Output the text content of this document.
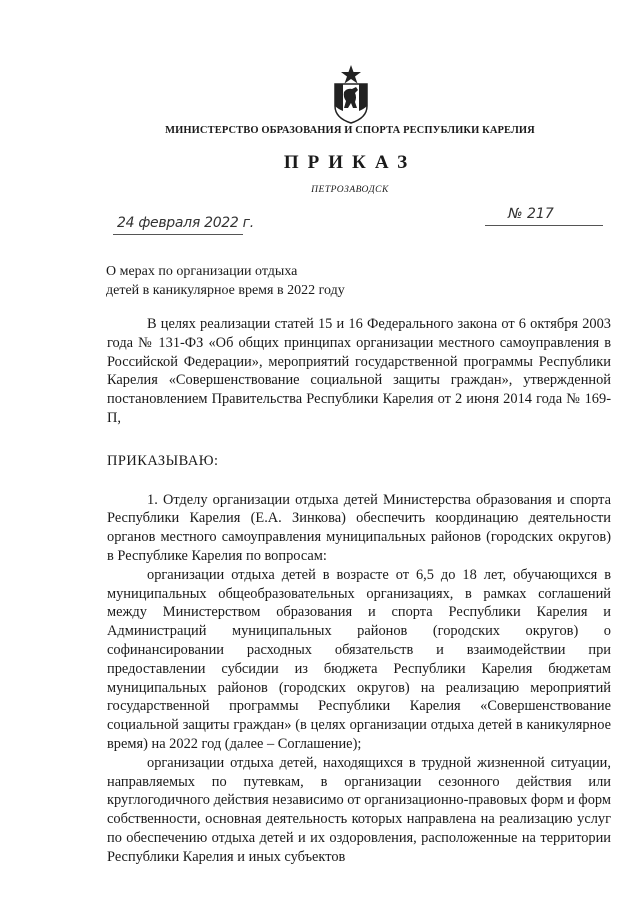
МИНИСТЕРСТВО ОБРАЗОВАНИЯ И СПОРТА РЕСПУБЛИКИ КАРЕЛИЯ
ПРИКАЗ
ПЕТРОЗАВОДСК
24 февраля 2022 г.
№ 217
О мерах по организации отдыха
детей в каникулярное время в 2022 году

В целях реализации статей 15 и 16 Федерального закона от 6 октября 2003 года № 131-ФЗ «Об общих принципах организации местного самоуправления в Российской Федерации», мероприятий государственной программы Республики Карелия «Совершенствование социальной защиты граждан», утвержденной постановлением Правительства Республики Карелия от 2 июня 2014 года № 169-П,

ПРИКАЗЫВАЮ:

1. Отделу организации отдыха детей Министерства образования и спорта Республики Карелия (Е.А. Зинкова) обеспечить координацию деятельности органов местного самоуправления муниципальных районов (городских округов) в Республике Карелия по вопросам:

организации отдыха детей в возрасте от 6,5 до 18 лет, обучающихся в муниципальных общеобразовательных организациях, в рамках соглашений между Министерством образования и спорта Республики Карелия и Администраций муниципальных районов (городских округов) о софинансировании расходных обязательств и взаимодействии при предоставлении субсидии из бюджета Республики Карелия бюджетам муниципальных районов (городских округов) на реализацию мероприятий государственной программы Республики Карелия «Совершенствование социальной защиты граждан» (в целях организации отдыха детей в каникулярное время) на 2022 год (далее – Соглашение);

организации отдыха детей, находящихся в трудной жизненной ситуации, направляемых по путевкам, в организации сезонного действия или круглогодичного действия независимо от организационно-правовых форм и форм собственности, основная деятельность которых направлена на реализацию услуг по обеспечению отдыха детей и их оздоровления, расположенные на территории Республики Карелия и иных субъектов
